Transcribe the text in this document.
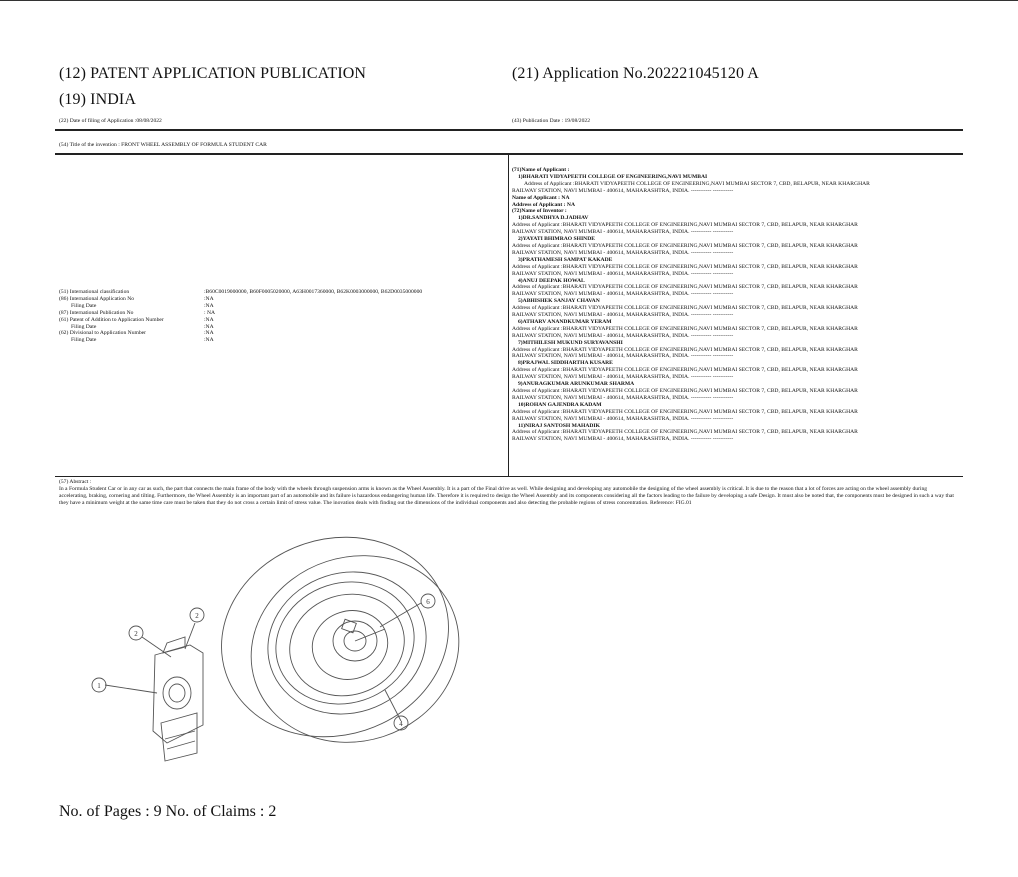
(12) PATENT APPLICATION PUBLICATION	(21) Application No.202221045120 A
(19) INDIA
(22) Date of filing of Application :08/08/2022	(43) Publication Date : 19/08/2022
(54) Title of the invention : FRONT WHEEL ASSEMBLY OF FORMULA STUDENT CAR
(51) International classification	:B60C0019000000, B60F0005020000, A63H0017360000, B62K0003000000, B62D0035000000
(86) International Application No	:NA
Filing Date	:NA
(87) International Publication No	: NA
(61) Patent of Addition to Application Number	:NA
Filing Date	:NA
(62) Divisional to Application Number	:NA
Filing Date	:NA
(71)Name of Applicant :
1)BHARATI VIDYAPEETH COLLEGE OF ENGINEERING,NAVI MUMBAI
Address of Applicant :BHARATI VIDYAPEETH COLLEGE OF ENGINEERING,NAVI MUMBAI SECTOR 7, CBD, BELAPUR, NEAR KHARGHAR
RAILWAY STATION, NAVI MUMBAI - 400614, MAHARASHTRA, INDIA. ----------- -----------
Name of Applicant : NA
Address of Applicant : NA
(72)Name of Inventor :
1)DR.SANDHYA D.JADHAV
Address of Applicant :BHARATI VIDYAPEETH COLLEGE OF ENGINEERING,NAVI MUMBAI SECTOR 7, CBD, BELAPUR, NEAR KHARGHAR
RAILWAY STATION, NAVI MUMBAI - 400614, MAHARASHTRA, INDIA. ----------- -----------
2)YAYATI BHIMRAO SHINDE
Address of Applicant :BHARATI VIDYAPEETH COLLEGE OF ENGINEERING,NAVI MUMBAI SECTOR 7, CBD, BELAPUR, NEAR KHARGHAR
RAILWAY STATION, NAVI MUMBAI - 400614, MAHARASHTRA, INDIA. ----------- -----------
3)PRATHAMESH SAMPAT KAKADE
Address of Applicant :BHARATI VIDYAPEETH COLLEGE OF ENGINEERING,NAVI MUMBAI SECTOR 7, CBD, BELAPUR, NEAR KHARGHAR
RAILWAY STATION, NAVI MUMBAI - 400614, MAHARASHTRA, INDIA. ----------- -----------
4)ANUJ DEEPAK HOWAL
Address of Applicant :BHARATI VIDYAPEETH COLLEGE OF ENGINEERING,NAVI MUMBAI SECTOR 7, CBD, BELAPUR, NEAR KHARGHAR
RAILWAY STATION, NAVI MUMBAI - 400614, MAHARASHTRA, INDIA. ----------- -----------
5)ABHISHEK SANJAY CHAVAN
Address of Applicant :BHARATI VIDYAPEETH COLLEGE OF ENGINEERING,NAVI MUMBAI SECTOR 7, CBD, BELAPUR, NEAR KHARGHAR
RAILWAY STATION, NAVI MUMBAI - 400614, MAHARASHTRA, INDIA. ----------- -----------
6)ATHARV ANANDKUMAR YERAM
Address of Applicant :BHARATI VIDYAPEETH COLLEGE OF ENGINEERING,NAVI MUMBAI SECTOR 7, CBD, BELAPUR, NEAR KHARGHAR
RAILWAY STATION, NAVI MUMBAI - 400614, MAHARASHTRA, INDIA. ----------- -----------
7)MITHILESH MUKUND SURYAVANSHI
Address of Applicant :BHARATI VIDYAPEETH COLLEGE OF ENGINEERING,NAVI MUMBAI SECTOR 7, CBD, BELAPUR, NEAR KHARGHAR
RAILWAY STATION, NAVI MUMBAI - 400614, MAHARASHTRA, INDIA. ----------- -----------
8)PRAJWAL SIDDHARTHA KUSARE
Address of Applicant :BHARATI VIDYAPEETH COLLEGE OF ENGINEERING,NAVI MUMBAI SECTOR 7, CBD, BELAPUR, NEAR KHARGHAR
RAILWAY STATION, NAVI MUMBAI - 400614, MAHARASHTRA, INDIA. ----------- -----------
9)ANURAGKUMAR ARUNKUMAR SHARMA
Address of Applicant :BHARATI VIDYAPEETH COLLEGE OF ENGINEERING,NAVI MUMBAI SECTOR 7, CBD, BELAPUR, NEAR KHARGHAR
RAILWAY STATION, NAVI MUMBAI - 400614, MAHARASHTRA, INDIA. ----------- -----------
10)ROHAN GAJENDRA KADAM
Address of Applicant :BHARATI VIDYAPEETH COLLEGE OF ENGINEERING,NAVI MUMBAI SECTOR 7, CBD, BELAPUR, NEAR KHARGHAR
RAILWAY STATION, NAVI MUMBAI - 400614, MAHARASHTRA, INDIA. ----------- -----------
11)NIRAJ SANTOSH MAHADIK
Address of Applicant :BHARATI VIDYAPEETH COLLEGE OF ENGINEERING,NAVI MUMBAI SECTOR 7, CBD, BELAPUR, NEAR KHARGHAR
RAILWAY STATION, NAVI MUMBAI - 400614, MAHARASHTRA, INDIA. ----------- -----------
(57) Abstract :
In a Formula Student Car or in any car as such, the part that connects the main frame of the body with the wheels through suspension arms is known as the Wheel Assembly. It is a part of the Final drive as well. While designing and developing any automobile the designing of the wheel assembly is critical. It is due to the reason that a lot of forces are acting on the wheel assembly during accelerating, braking, cornering and tilting. Furthermore, the Wheel Assembly is an important part of an automobile and its failure is hazardous endangering human life. Therefore it is required to design the Wheel Assembly and its components considering all the factors leading to the failure by developing a safe Design. It must also be noted that, the components must be designed in such a way that they have a minimum weight at the same time care must be taken that they do not cross a certain limit of stress value. The inovation deals with finding out the dimensions of the individual components and also detecting the probable regions of stress concentration. Reference: FIG.01
1
2
2
6
4
No. of Pages : 9 No. of Claims : 2
